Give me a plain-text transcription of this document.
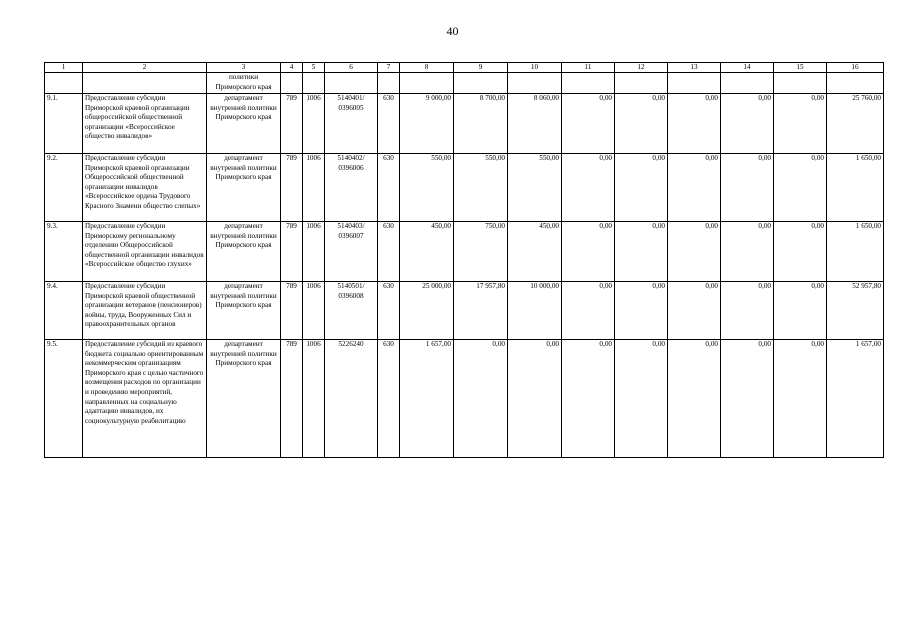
40
1	2	3	4	5	6	7	8	9	10	11	12	13	14	15	16
		политики Приморского края													
9.1.	Предоставление субсидии Приморской краевой организации общероссийской общественной организации «Всероссийское общество инвалидов»	департамент внутренней политики Приморского края	789	1006	5140401/ 0396005	630	9 000,00	8 700,00	8 060,00	0,00	0,00	0,00	0,00	0,00	25 760,00
9.2.	Предоставление субсидии Приморской краевой организации Общероссийской общественной организации инвалидов «Всероссийское ордена Трудового Красного Знамени общество слепых»	департамент внутренней политики Приморского края	789	1006	5140402/ 0396006	630	550,00	550,00	550,00	0,00	0,00	0,00	0,00	0,00	1 650,00
9.3.	Предоставление субсидии Приморскому региональному отделению Общероссийской общественной организации инвалидов «Всероссийское общество глухих»	департамент внутренней политики Приморского края	789	1006	5140403/ 0396007	630	450,00	750,00	450,00	0,00	0,00	0,00	0,00	0,00	1 650,00
9.4.	Предоставление субсидии Приморской краевой общественной организации ветеранов (пенсионеров) войны, труда, Вооруженных Сил и правоохранительных органов	департамент внутренней политики Приморского края	789	1006	5140501/ 0396008	630	25 000,00	17 957,80	10 000,00	0,00	0,00	0,00	0,00	0,00	52 957,80
9.5.	Предоставление субсидий из краевого бюджета социально ориентированным некоммерческим организациям Приморского края с целью частичного возмещения расходов по организации и проведению мероприятий, направленных на социальную адаптацию инвалидов, их социокультурную реабилитацию	департамент внутренней политики Приморского края	789	1006	5226240	630	1 657,00	0,00	0,00	0,00	0,00	0,00	0,00	0,00	1 657,00
